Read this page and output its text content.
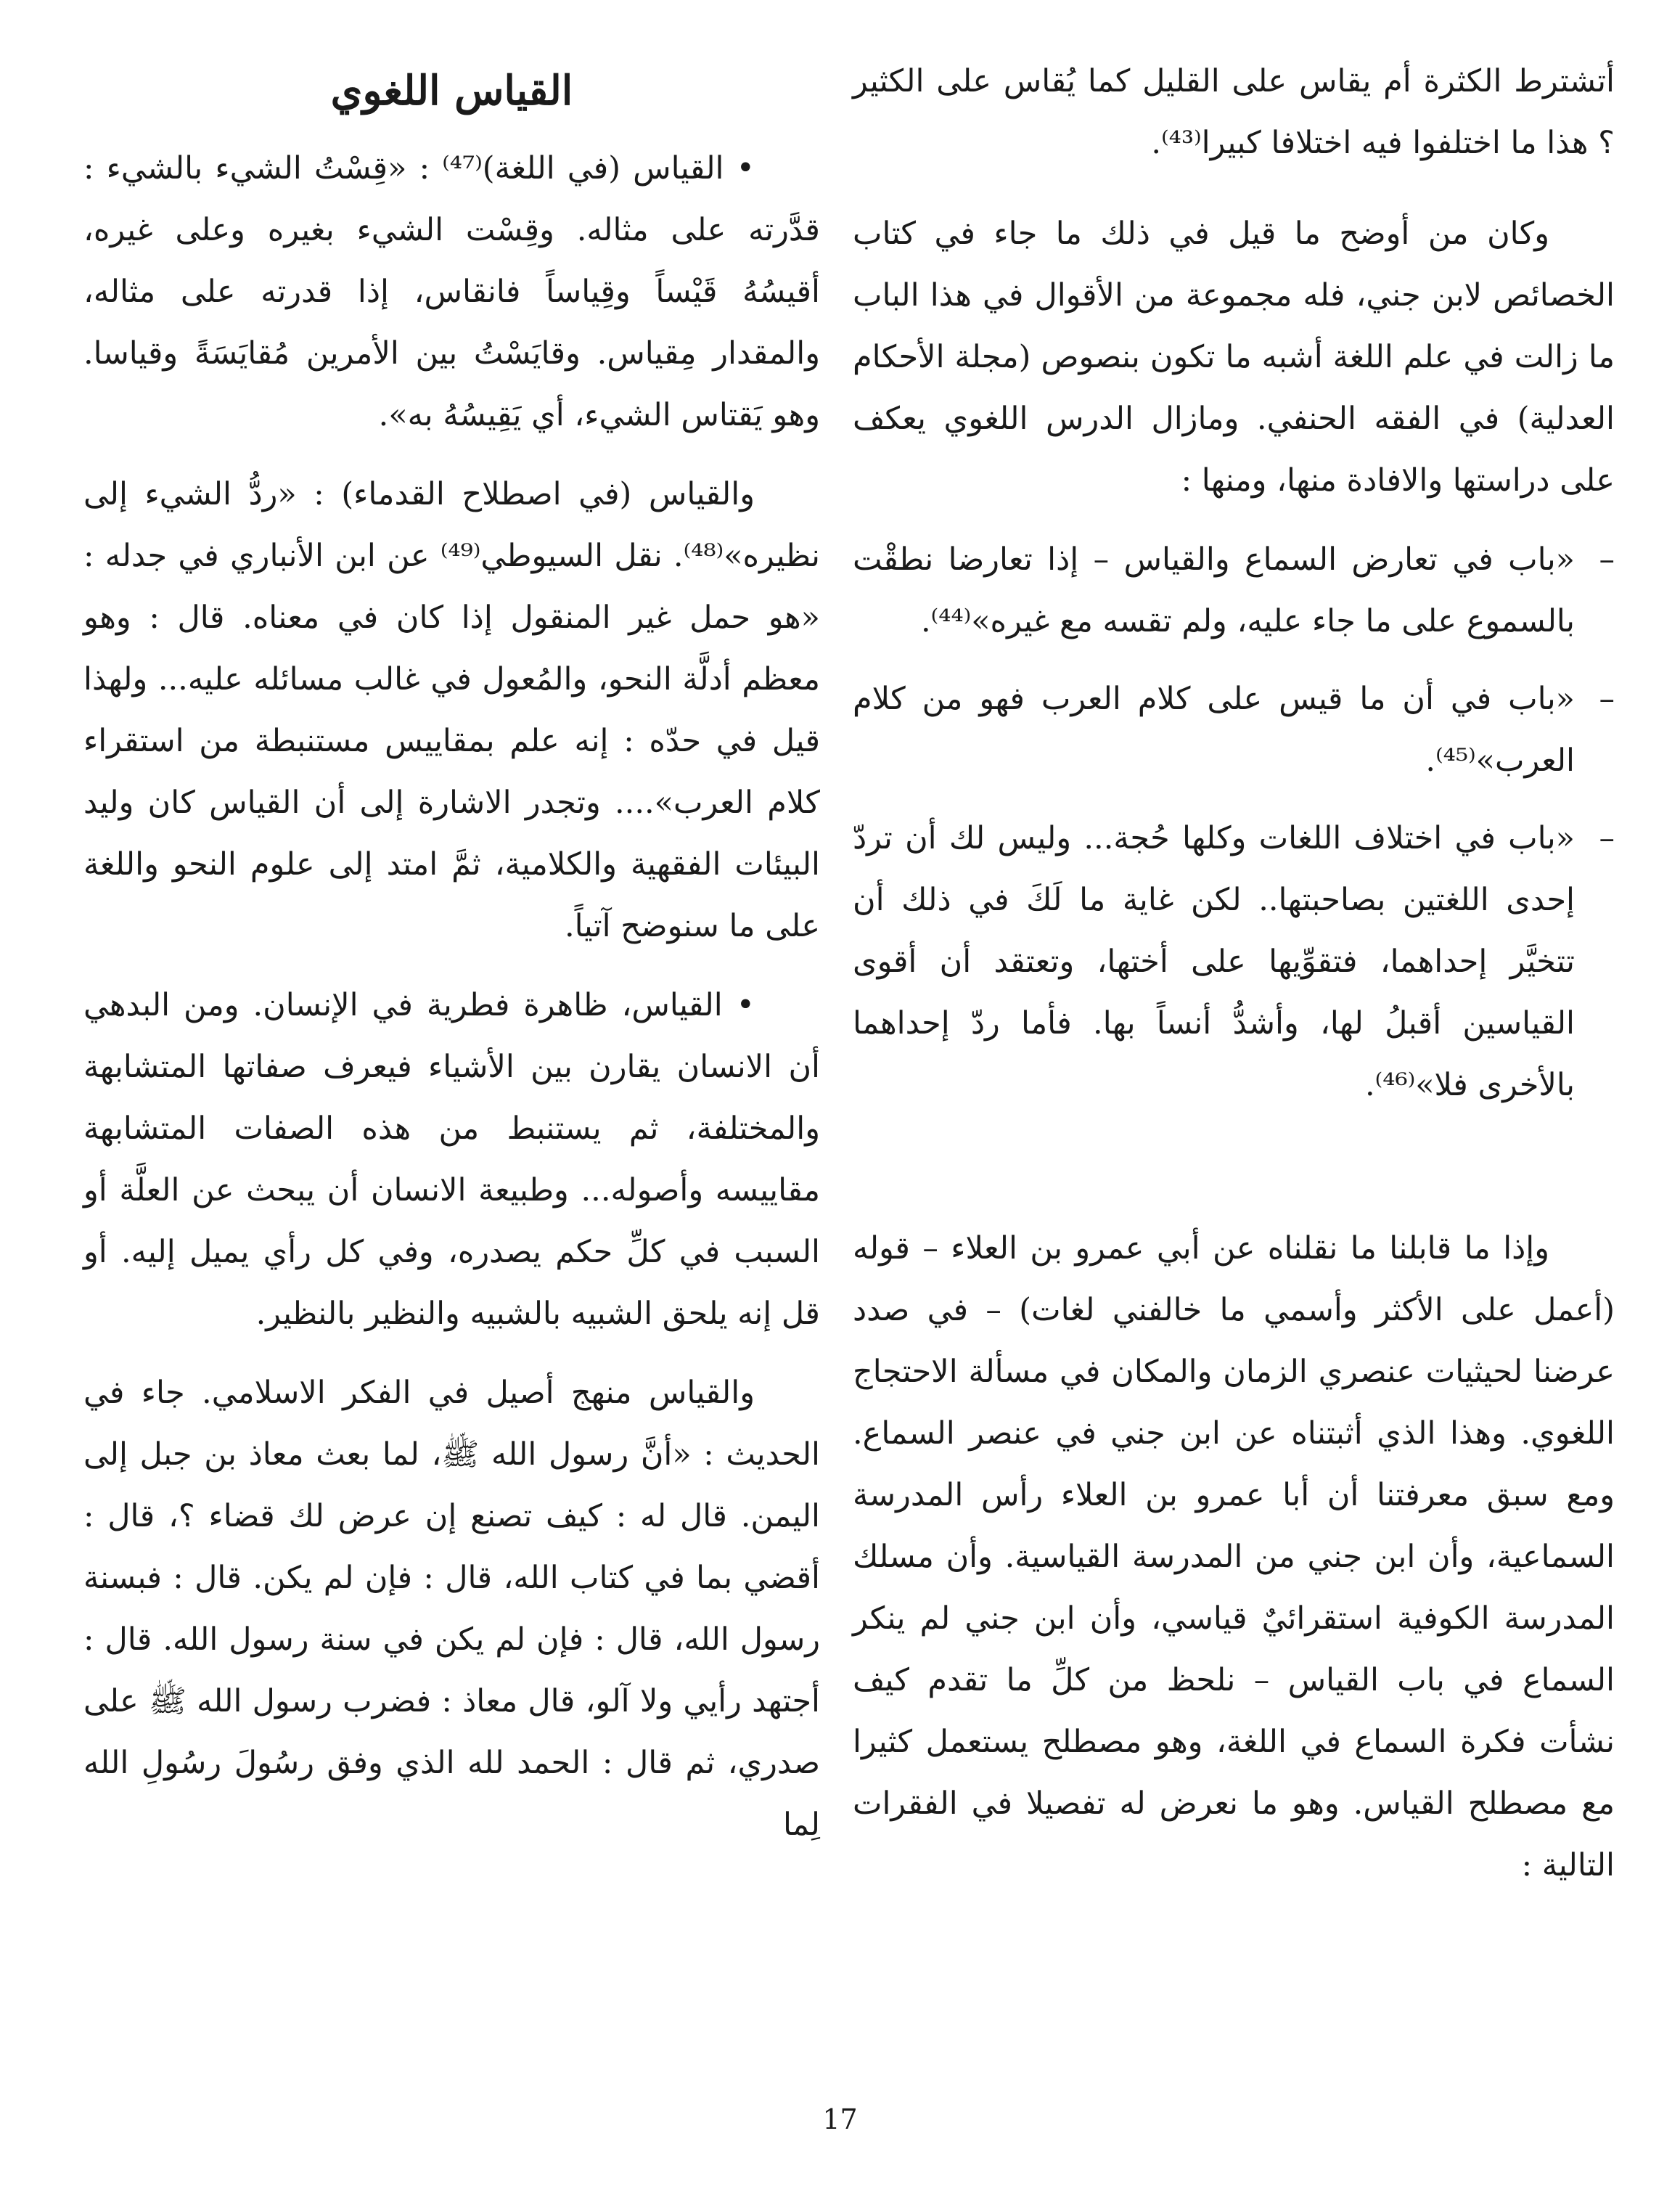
أتشترط الكثرة أم يقاس على القليل كما يُقاس على الكثير ؟ هذا ما اختلفوا فيه اختلافا كبيرا⁽⁴³⁾.

وكان من أوضح ما قيل في ذلك ما جاء في كتاب الخصائص لابن جني، فله مجموعة من الأقوال في هذا الباب ما زالت في علم اللغة أشبه ما تكون بنصوص (مجلة الأحكام العدلية) في الفقه الحنفي. ومازال الدرس اللغوي يعكف على دراستها والافادة منها، ومنها :

–
«باب في تعارض السماع والقياس – إذا تعارضا نطقْت بالسموع على ما جاء عليه، ولم تقسه مع غيره»⁽⁴⁴⁾.
–
«باب في أن ما قيس على كلام العرب فهو من كلام العرب»⁽⁴⁵⁾.
–
«باب في اختلاف اللغات وكلها حُجة... وليس لك أن تردّ إحدى اللغتين بصاحبتها.. لكن غاية ما لَكَ في ذلك أن تتخيَّر إحداهما، فتقوِّيها على أختها، وتعتقد أن أقوى القياسين أقبلُ لها، وأشدُّ أنساً بها. فأما ردّ إحداهما بالأخرى فلا»⁽⁴⁶⁾.

وإذا ما قابلنا ما نقلناه عن أبي عمرو بن العلاء – قوله (أعمل على الأكثر وأسمي ما خالفني لغات) – في صدد عرضنا لحيثيات عنصري الزمان والمكان في مسألة الاحتجاج اللغوي. وهذا الذي أثبتناه عن ابن جني في عنصر السماع. ومع سبق معرفتنا أن أبا عمرو بن العلاء رأس المدرسة السماعية، وأن ابن جني من المدرسة القياسية. وأن مسلك المدرسة الكوفية استقرائيٌ قياسي، وأن ابن جني لم ينكر السماع في باب القياس – نلحظ من كلِّ ما تقدم كيف نشأت فكرة السماع في اللغة، وهو مصطلح يستعمل كثيرا مع مصطلح القياس. وهو ما نعرض له تفصيلا في الفقرات التالية :

القياس اللغوي

• القياس (في اللغة)⁽⁴⁷⁾ : «قِسْتُ الشيء بالشيء : قدَّرته على مثاله. وقِسْت الشيء بغيره وعلى غيره، أقيسُهُ قَيْساً وقِياساً فانقاس، إذا قدرته على مثاله، والمقدار مِقياس. وقايَسْتُ بين الأمرين مُقايَسَةً وقياسا. وهو يَقتاس الشيء، أي يَقِيسُهُ به».

والقياس (في اصطلاح القدماء) : «ردُّ الشيء إلى نظيره»⁽⁴⁸⁾. نقل السيوطي⁽⁴⁹⁾ عن ابن الأنباري في جدله : «هو حمل غير المنقول إذا كان في معناه. قال : وهو معظم أدلَّة النحو، والمُعول في غالب مسائله عليه... ولهذا قيل في حدّه : إنه علم بمقاييس مستنبطة من استقراء كلام العرب».... وتجدر الاشارة إلى أن القياس كان وليد البيئات الفقهية والكلامية، ثمَّ امتد إلى علوم النحو واللغة على ما سنوضح آتياً.

• القياس، ظاهرة فطرية في الإنسان. ومن البدهي أن الانسان يقارن بين الأشياء فيعرف صفاتها المتشابهة والمختلفة، ثم يستنبط من هذه الصفات المتشابهة مقاييسه وأصوله... وطبيعة الانسان أن يبحث عن العلَّة أو السبب في كلِّ حكم يصدره، وفي كل رأي يميل إليه. أو قل إنه يلحق الشبيه بالشبيه والنظير بالنظير.

والقياس منهج أصيل في الفكر الاسلامي. جاء في الحديث : «أنَّ رسول الله ﷺ، لما بعث معاذ بن جبل إلى اليمن. قال له : كيف تصنع إن عرض لك قضاء ؟، قال : أقضي بما في كتاب الله، قال : فإن لم يكن. قال : فبسنة رسول الله، قال : فإن لم يكن في سنة رسول الله. قال : أجتهد رأيي ولا آلو، قال معاذ : فضرب رسول الله ﷺ على صدري، ثم قال : الحمد لله الذي وفق رسُولَ رسُولِ الله لِما

17
